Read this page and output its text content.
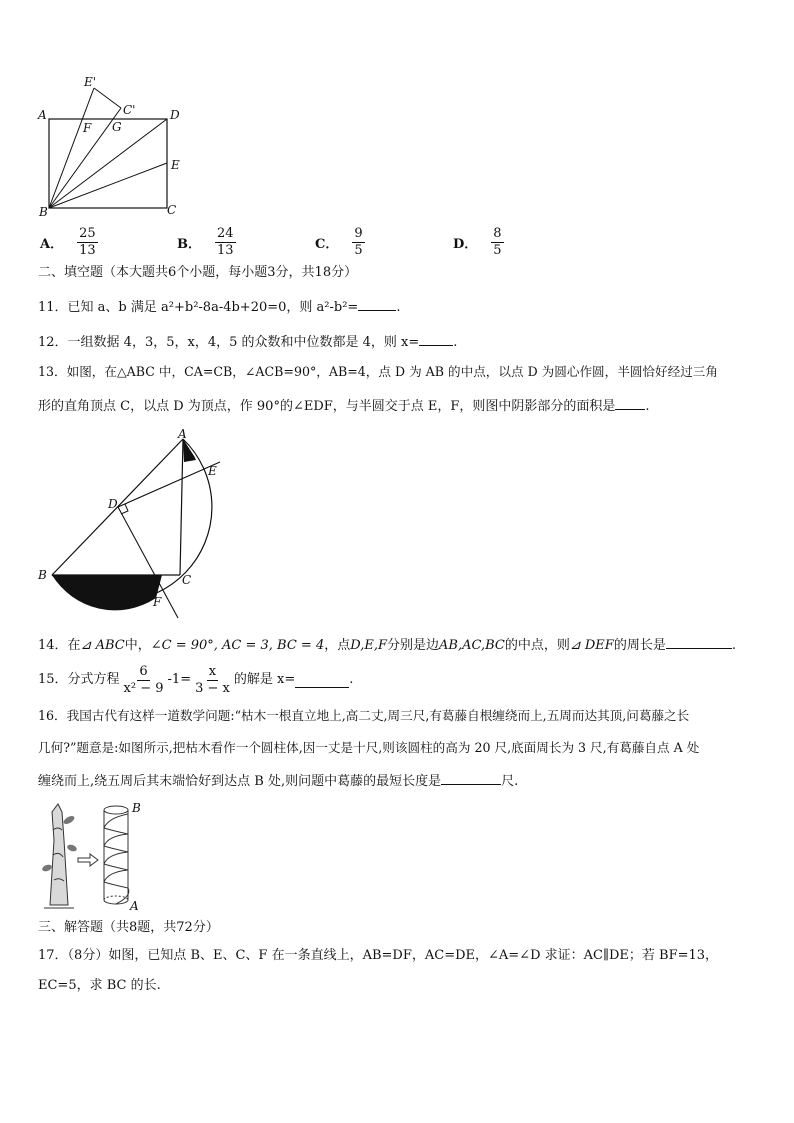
E'
C'
A	D
F G
E
B	C
A． $\frac{25}{13}$	B． $\frac{24}{13}$	C． $\frac{9}{5}$	D． $\frac{8}{5}$
二、填空题（本大题共6个小题，每小题3分，共18分）
11．已知 a、b 满足 a²+b²-8a-4b+20=0，则 a²-b²=	.
12．一组数据 4，3，5，x，4，5 的众数和中位数都是 4，则 x=	.
13．如图，在△ABC 中，CA=CB，∠ACB=90°，AB=4，点 D 为 AB 的中点，以点 D 为圆心作圆，半圆恰好经过三角
形的直角顶点 C，以点 D 为顶点，作 90°的∠EDF，与半圆交于点 E，F，则图中阴影部分的面积是 .
A
E
D
B	C
F
14．在⊿ ABC中，∠C = 90°, AC = 3, BC = 4，点D,E,F分别是边AB,AC,BC的中点，则⊿ DEF的周长是	.
15．分式方程 $\frac{6}{\text{x² − 9}} -1= \frac{x}{3 - x}$ 的解是 x=	.
16．我国古代有这样一道数学问题:“枯木一根直立地上,高二丈,周三尺,有葛藤自根缠绕而上,五周而达其顶,问葛藤之长
几何?”题意是:如图所示,把枯木看作一个圆柱体,因一丈是十尺,则该圆柱的高为 20 尺,底面周长为 3 尺,有葛藤自点 A 处
缠绕而上,绕五周后其末端恰好到达点 B 处,则问题中葛藤的最短长度是	尺.
B
A
三、解答题（共8题，共72分）
17．（8分）如图，已知点 B、E、C、F 在一条直线上，AB=DF，AC=DE，∠A=∠D 求证：AC∥DE；若 BF=13，
EC=5，求 BC 的长.
